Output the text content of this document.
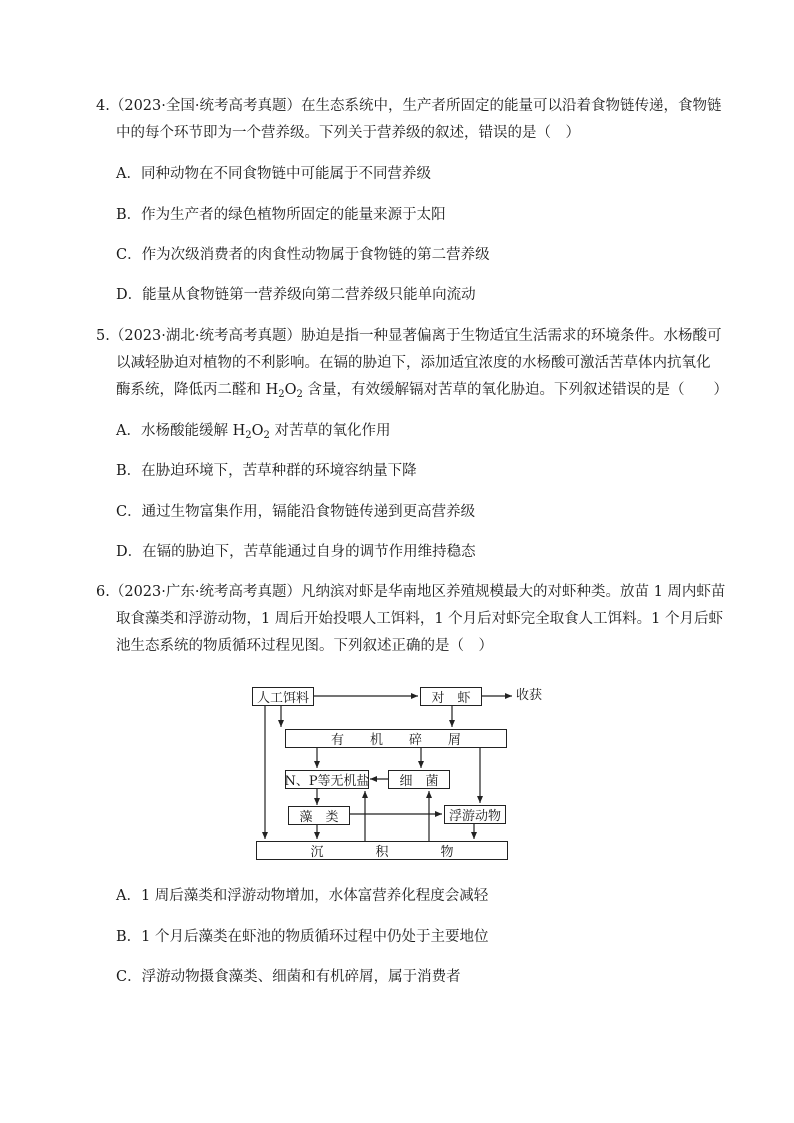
4.（2023·全国·统考高考真题）在生态系统中，生产者所固定的能量可以沿着食物链传递，食物链
中的每个环节即为一个营养级。下列关于营养级的叙述，错误的是（　）
A．同种动物在不同食物链中可能属于不同营养级
B．作为生产者的绿色植物所固定的能量来源于太阳
C．作为次级消费者的肉食性动物属于食物链的第二营养级
D．能量从食物链第一营养级向第二营养级只能单向流动
5.（2023·湖北·统考高考真题）胁迫是指一种显著偏离于生物适宜生活需求的环境条件。水杨酸可
以减轻胁迫对植物的不利影响。在镉的胁迫下，添加适宜浓度的水杨酸可激活苦草体内抗氧化
酶系统，降低丙二醛和 $H_2O_2$ 含量，有效缓解镉对苦草的氧化胁迫。下列叙述错误的是（　　）
A．水杨酸能缓解 $H_2O_2$ 对苦草的氧化作用
B．在胁迫环境下，苦草种群的环境容纳量下降
C．通过生物富集作用，镉能沿食物链传递到更高营养级
D．在镉的胁迫下，苦草能通过自身的调节作用维持稳态
6.（2023·广东·统考高考真题）凡纳滨对虾是华南地区养殖规模最大的对虾种类。放苗 1 周内虾苗
取食藻类和浮游动物，1 周后开始投喂人工饵料，1 个月后对虾完全取食人工饵料。1 个月后虾
池生态系统的物质循环过程见图。下列叙述正确的是（　）
人工饵料	对　虾	收获
有　　机　　碎　　屑
N、P等无机盐	细　菌
藻　类	浮游动物
沉　　　　积　　　　物
A．1 周后藻类和浮游动物增加，水体富营养化程度会减轻
B．1 个月后藻类在虾池的物质循环过程中仍处于主要地位
C．浮游动物摄食藻类、细菌和有机碎屑，属于消费者
